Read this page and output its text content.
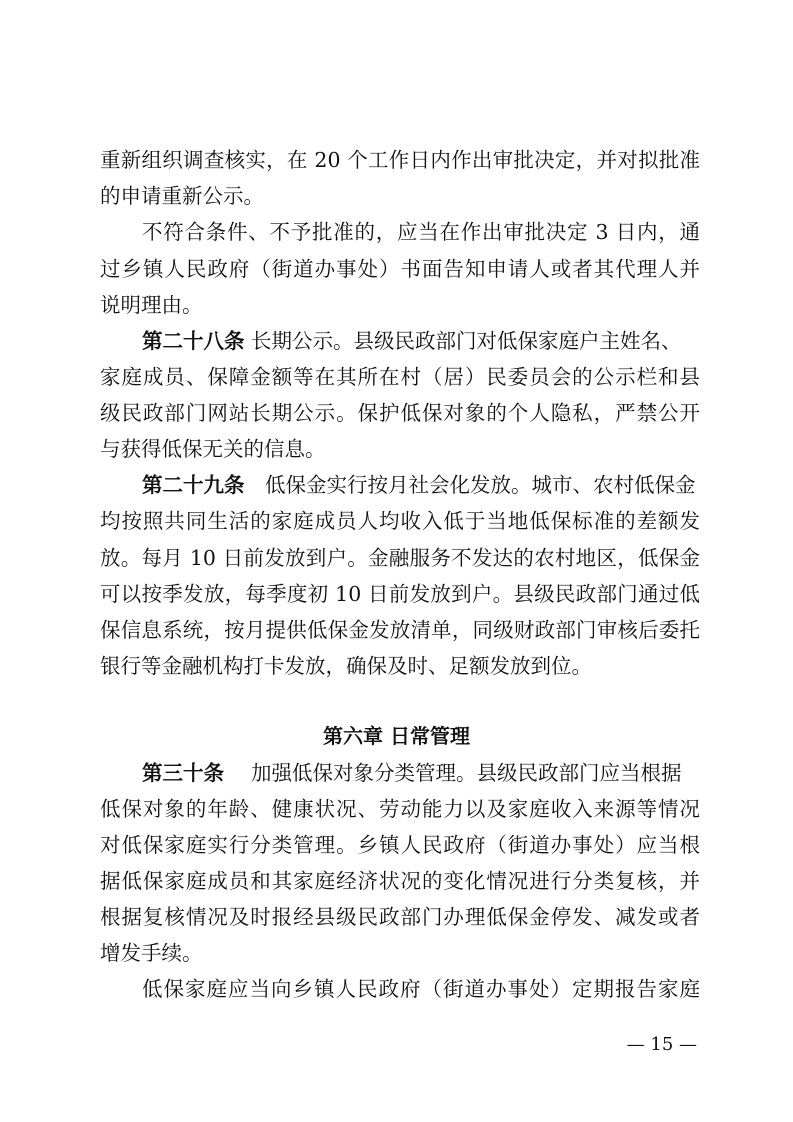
重新组织调查核实，在 20 个工作日内作出审批决定，并对拟批准
的申请重新公示。
不符合条件、不予批准的，应当在作出审批决定 3 日内，通
过乡镇人民政府（街道办事处）书面告知申请人或者其代理人并
说明理由。
第二十八条 长期公示。县级民政部门对低保家庭户主姓名、
家庭成员、保障金额等在其所在村（居）民委员会的公示栏和县
级民政部门网站长期公示。保护低保对象的个人隐私，严禁公开
与获得低保无关的信息。
第二十九条　低保金实行按月社会化发放。城市、农村低保金
均按照共同生活的家庭成员人均收入低于当地低保标准的差额发
放。每月 10 日前发放到户。金融服务不发达的农村地区，低保金
可以按季发放，每季度初 10 日前发放到户。县级民政部门通过低
保信息系统，按月提供低保金发放清单，同级财政部门审核后委托
银行等金融机构打卡发放，确保及时、足额发放到位。
第六章 日常管理
第三十条　 加强低保对象分类管理。县级民政部门应当根据
低保对象的年龄、健康状况、劳动能力以及家庭收入来源等情况
对低保家庭实行分类管理。乡镇人民政府（街道办事处）应当根
据低保家庭成员和其家庭经济状况的变化情况进行分类复核，并
根据复核情况及时报经县级民政部门办理低保金停发、减发或者
增发手续。
低保家庭应当向乡镇人民政府（街道办事处）定期报告家庭
— 15 —
